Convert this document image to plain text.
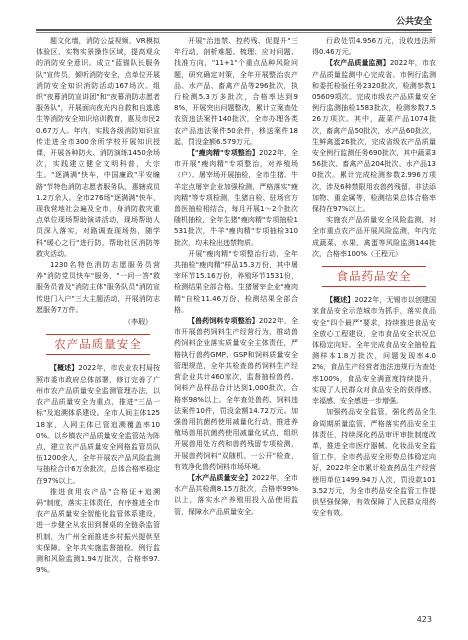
公共安全

题文化墙，消防公益视频、VR模拟体验区、实物实景操作区域，提高观众的消防安全意识。成立"蓝锚队长服务队"宣传员，倾听消防安全，点单位开展消防安全知识消防活动167场次。组织"夜幕消防宣讲团"和"夜幕消防志愿者服务队"，开展面向夜光内自救和自逃逃生等消防安全知识培训教育，惠及市民20.67万人。年内，实践各级消防知识宣传走进全市300余所学校开展知识授课，开展各种防火、消防演练1450余场次，实践建立健全文明科普，大宗生。"逐满满"快车，中国廉政"平安瞳路"节特色消防志愿者服务队，惠辖成员1.2万余人。全市276场"逐满满"快车，现我营地社会遍及全市，身消防救灾重点单位现场帮助演讲活动，现场帮助人员深入落实，对路调查现场热，随学科"暖心之行"进行防，帮助社区消防等救灾活动。

1230名特色消防志愿服务员营养"消防党员快车"服务，"一问一答"救服务员普及"消防主体"服务队员"消防宣传进门入户"三大主题活动，开展消防志愿服务7万件。

（李瑕）

农产品质量安全

【概述】2022年，市农业农村局按照市委市政府总体部署，修订完善了广州市农产品质量安全监测管理办法，以农产品质量安全为重点，推进"三品一标"及追溯体系建设。全市人间主体12518家，入网主体已管追溯覆盖率100%。以乡镇农产品质量安全监管站为阵点，建立农产品质量安全网格监管员队伍1200余人，全年开展农产品风险监测与抽检合计6万余批次，总体合格率稳定在97%以上。

推进食用农产品"合格证+追溯码"制度，落实主体责任，有序推进全市农产品质量安全智能化监管体系建设，进一步健全从农田到餐桌的全链条监管机制，为广州全面推进乡村振兴提供坚实保障。全年共实施监督抽检、例行监测和风险监测1.94万批次，合格率97.9%。

开展"治违禁、控药残、促提升"三年行动，剖析难题、梳理、应对问题、找准方向，"11+1"个重点品种风险问题，研究确定对策，全年开展整治农产品、水产品、畜禽产品等296批次，执行检测5.3万多批次，合格率达到98%，开展突出问题整改，累计立案查处农资违法案件140批次，全市办理各类农产品违法案件50余件，移送案件18起，罚没金额6.579万元。

【"瘦肉精"专项整治】2022年，全市开展"瘦肉精"专项整治，对养殖场（户）、屠宰场开展抽检，全市生猪、牛羊定点屠宰企业加强检测，严格落实"瘦肉精"等专项检测，生猪自检、驻场官方兽医抽检相结合，每月开展1～2个批次随机抽检，全年生猪"瘦肉精"专项抽检1531批次，牛羊"瘦肉精"专项抽检310批次，均未检出违禁物质。

开展"瘦肉精"专项整治行动，全年共抽检"瘦肉精"样品15.3万份，其中屠宰环节15.16万份，养殖环节1531份，检测结果全部合格。生猪屠宰企业"瘦肉精"自检11.46万份，检测结果全部合格。

【兽药饲料专项整治】2022年，全市开展兽药饲料生产经营行为，推动兽药饲料企业落实质量安全主体责任，严格执行兽药GMP、GSP和饲料质量安全管理规范，全年共检查兽药饲料生产经营企业共计460家次，监督抽检兽药、饲料产品样品合计达到1,000批次，合格率98%以上。全年查处兽药、饲料违法案件10件，罚没金额14.72万元。加强兽用抗菌药使用减量化行动，推进养殖场兽用抗菌药使用减量化试点，组织开展兽用处方药和兽药残留专项检测，开展兽药饲料"双随机、一公开"检查，有效净化兽药饲料市场环境。

【水产品质量安全】2022年，全市水产品共检测8.15万批次，合格率99%以上，落实水产养殖用投入品使用监管，保障水产品质量安全。

行政处罚4.956万元，没收违法所得0.46万元。

【农产品质量监测】2022年，市农产品质量监测中心完成省、市例行监测和委托检验任务2320批次，检测参数105609项次。完成市级农产品质量安全例行监测抽检1583批次，检测参数7.526万项次。其中，蔬菜产品1074批次，畜禽产品50批次，水产品60批次，生鲜禽蛋26批次，完成省级农产品质量安全例行监测任务690批次，其中蔬菜356批次、畜禽产品204批次、水产品130批次。累计完成检测参数2.996万项次，涉及6种禁限用农兽药残留、非法添加物、重金属等，检测结果总体合格率保持在97%以上。

实施农产品质量安全风险监测，对全市重点农产品开展风险监测，年内完成蔬菜、水果、禽蛋等风险监测144批次，合格率100%（王程元）

食品药品安全

【概述】2022年，无锡市以创建国家食品安全示范城市为抓手，落实食品安全"四个最严"要求，持续推进食品安全放心工程建设，全市食品安全状况总体稳定向好。全年完成食品安全抽检监测样本1.8万批次，问题发现率4.02%，食品生产经营者违法违规行为查处率100%，食品安全满意度持续提升，实现了人民群众对食品安全的获得感、幸福感、安全感进一步增强。

加强药品安全监管，强化药品全生命周期质量监管，严格落实药品安全主体责任，持续深化药品审评审批制度改革，推进全市医疗器械、化妆品安全监管工作，全市药品安全形势总体稳定向好，2022年全市累计检查药品生产经营使用单位1499.94万人次，罚没款1013.52万元，为全市药品安全监管工作提供坚强保障，有效保障了人民群众用药安全有效。

423
